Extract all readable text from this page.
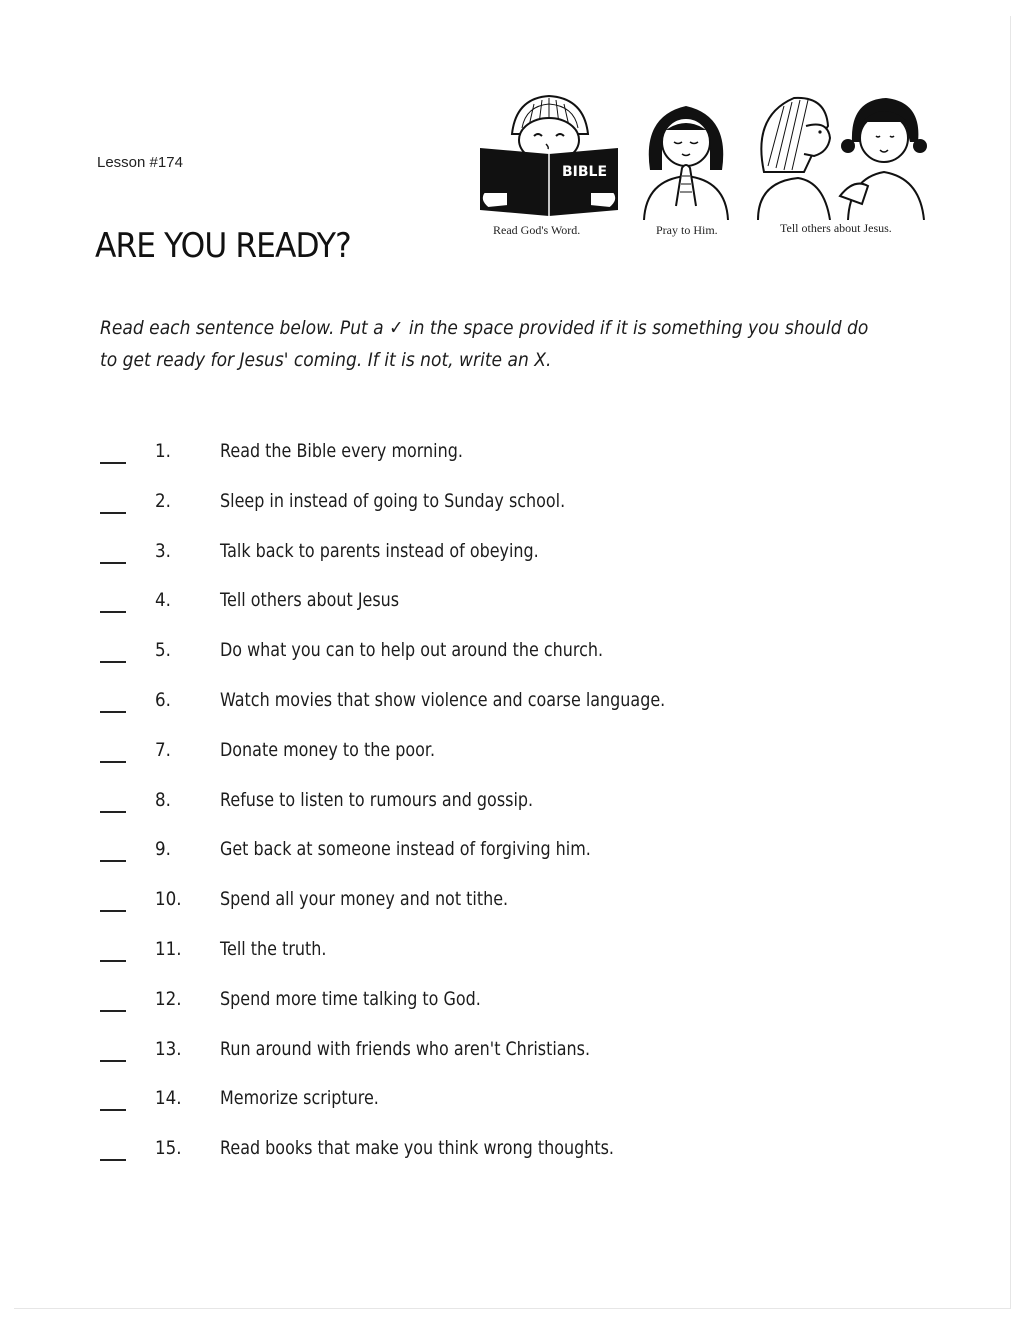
Lesson #174
ARE YOU READY?
BIBLE
Read God's Word.	Pray to Him.	Tell others about Jesus.
Read each sentence below. Put a ✓ in the space provided if it is something you should do
to get ready for Jesus' coming. If it is not, write an X.
1.	Read the Bible every morning.
2.	Sleep in instead of going to Sunday school.
3.	Talk back to parents instead of obeying.
4.	Tell others about Jesus
5.	Do what you can to help out around the church.
6.	Watch movies that show violence and coarse language.
7.	Donate money to the poor.
8.	Refuse to listen to rumours and gossip.
9.	Get back at someone instead of forgiving him.
10. Spend all your money and not tithe.
11. Tell the truth.
12. Spend more time talking to God.
13. Run around with friends who aren't Christians.
14. Memorize scripture.
15. Read books that make you think wrong thoughts.
